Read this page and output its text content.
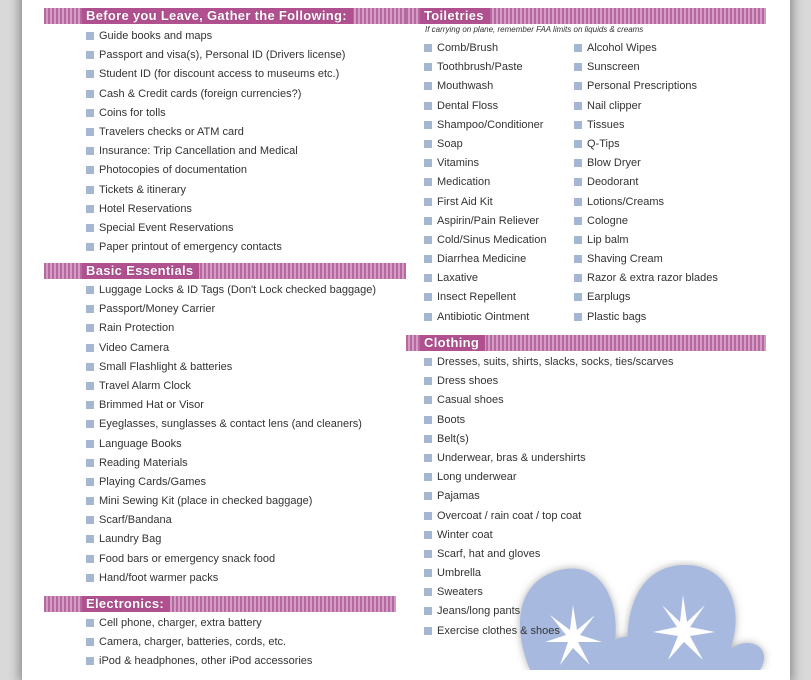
Before you Leave, Gather the Following:
Guide books and maps
Passport and visa(s), Personal ID (Drivers license)
Student ID (for discount access to museums etc.)
Cash & Credit cards (foreign currencies?)
Coins for tolls
Travelers checks or ATM card
Insurance: Trip Cancellation and Medical
Photocopies of documentation
Tickets & itinerary
Hotel Reservations
Special Event Reservations
Paper printout of emergency contacts
Basic Essentials
Luggage Locks & ID Tags (Don't Lock checked baggage)
Passport/Money Carrier
Rain Protection
Video Camera
Small Flashlight & batteries
Travel Alarm Clock
Brimmed Hat or Visor
Eyeglasses, sunglasses & contact lens (and cleaners)
Language Books
Reading Materials
Playing Cards/Games
Mini Sewing Kit (place in checked baggage)
Scarf/Bandana
Laundry Bag
Food bars or emergency snack food
Hand/foot warmer packs
Electronics:
Cell phone, charger, extra battery
Camera, charger, batteries, cords, etc.
iPod & headphones, other iPod accessories
Toiletries
If carrying on plane, remember FAA limits on liquids & creams
Comb/Brush
Toothbrush/Paste
Mouthwash
Dental Floss
Shampoo/Conditioner
Soap
Vitamins
Medication
First Aid Kit
Aspirin/Pain Reliever
Cold/Sinus Medication
Diarrhea Medicine
Laxative
Insect Repellent
Antibiotic Ointment
Alcohol Wipes
Sunscreen
Personal Prescriptions
Nail clipper
Tissues
Q-Tips
Blow Dryer
Deodorant
Lotions/Creams
Cologne
Lip balm
Shaving Cream
Razor & extra razor blades
Earplugs
Plastic bags
Clothing
Dresses, suits, shirts, slacks, socks, ties/scarves
Dress shoes
Casual shoes
Boots
Belt(s)
Underwear, bras & undershirts
Long underwear
Pajamas
Overcoat / rain coat / top coat
Winter coat
Scarf, hat and gloves
Umbrella
Sweaters
Jeans/long pants
Exercise clothes & shoes
